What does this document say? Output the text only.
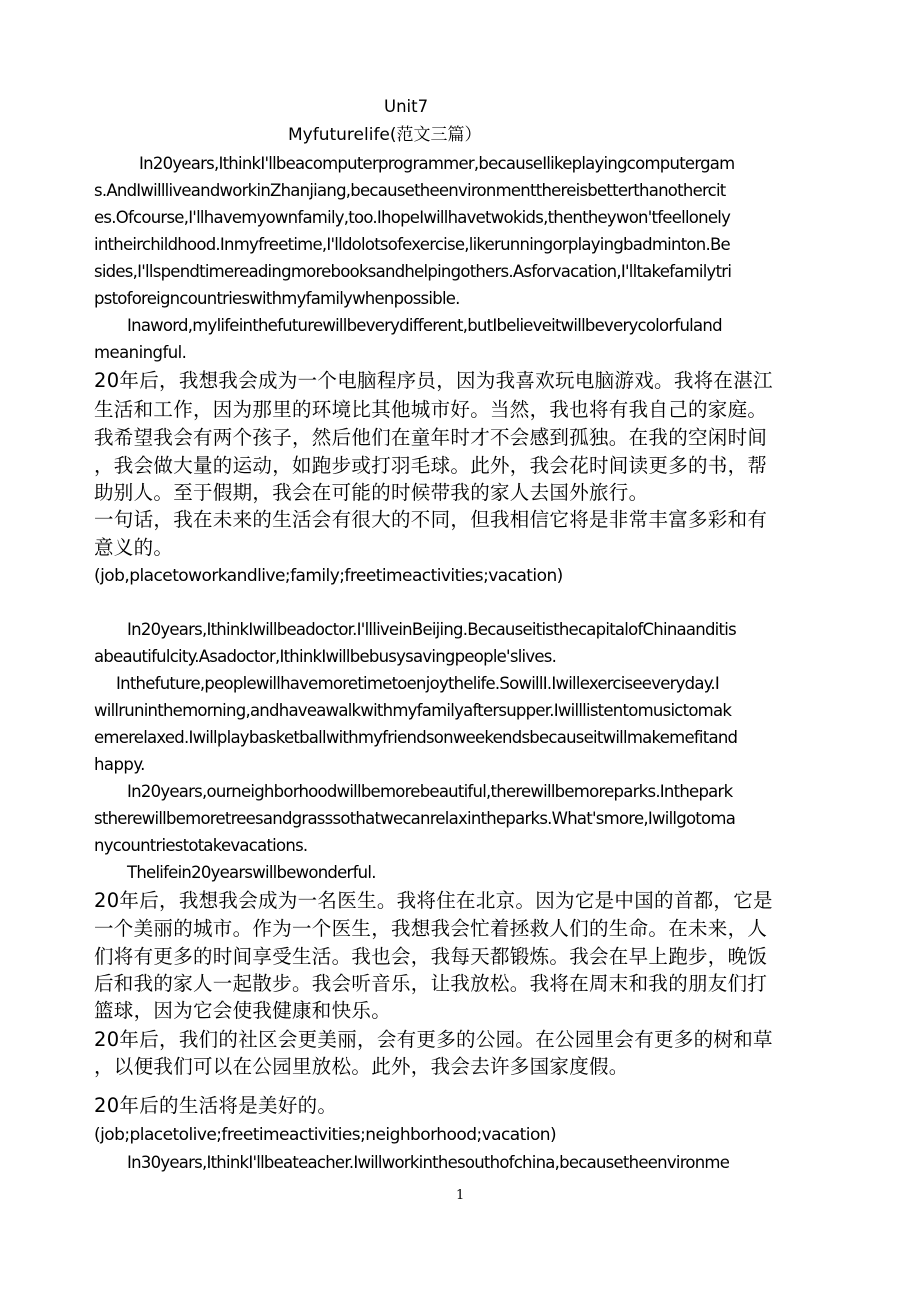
Unit7

Myfuturelife(范文三篇）

In20years,IthinkI'llbeacomputerprogrammer,becauseIlikeplayingcomputergam

s.AndIwillliveandworkinZhanjiang,becausetheenvironmentthereisbetterthanothercit

es.Ofcourse,I'llhavemyownfamily,too.IhopeIwillhavetwokids,thentheywon'tfeellonely

intheirchildhood.Inmyfreetime,I'lldolotsofexercise,likerunningorplayingbadminton.Be

sides,I'llspendtimereadingmorebooksandhelpingothers.Asforvacation,I'lltakefamilytri

pstoforeigncountrieswithmyfamilywhenpossible.

Inaword,mylifeinthefuturewillbeverydifferent,butIbelieveitwillbeverycolorfuland

meaningful.

20年后，我想我会成为一个电脑程序员，因为我喜欢玩电脑游戏。我将在湛江

生活和工作，因为那里的环境比其他城市好。当然，我也将有我自己的家庭。

我希望我会有两个孩子，然后他们在童年时才不会感到孤独。在我的空闲时间

，我会做大量的运动，如跑步或打羽毛球。此外，我会花时间读更多的书，帮

助别人。至于假期，我会在可能的时候带我的家人去国外旅行。

一句话，我在未来的生活会有很大的不同，但我相信它将是非常丰富多彩和有

意义的。

(job,placetoworkandlive;family;freetimeactivities;vacation)

In20years,IthinkIwillbeadoctor.I'llliveinBeijing.BecauseitisthecapitalofChinaanditis

abeautifulcity.Asadoctor,IthinkIwillbebusysavingpeople'slives.

Inthefuture,peoplewillhavemoretimetoenjoythelife.SowillI.Iwillexerciseeveryday.I

willruninthemorning,andhaveawalkwithmyfamilyaftersupper.Iwilllistentomusictomak

emerelaxed.Iwillplaybasketballwithmyfriendsonweekendsbecauseitwillmakemefitand

happy.

In20years,ourneighborhoodwillbemorebeautiful,therewillbemoreparks.Inthepark

stherewillbemoretreesandgrasssothatwecanrelaxintheparks.What'smore,Iwillgotoma

nycountriestotakevacations.

Thelifein20yearswillbewonderful.

20年后，我想我会成为一名医生。我将住在北京。因为它是中国的首都，它是

一个美丽的城市。作为一个医生，我想我会忙着拯救人们的生命。在未来，人

们将有更多的时间享受生活。我也会，我每天都锻炼。我会在早上跑步，晚饭

后和我的家人一起散步。我会听音乐，让我放松。我将在周末和我的朋友们打

篮球，因为它会使我健康和快乐。

20年后，我们的社区会更美丽，会有更多的公园。在公园里会有更多的树和草

，以便我们可以在公园里放松。此外，我会去许多国家度假。

20年后的生活将是美好的。

(job;placetolive;freetimeactivities;neighborhood;vacation)

In30years,IthinkI'llbeateacher.Iwillworkinthesouthofchina,becausetheenvironme

1
